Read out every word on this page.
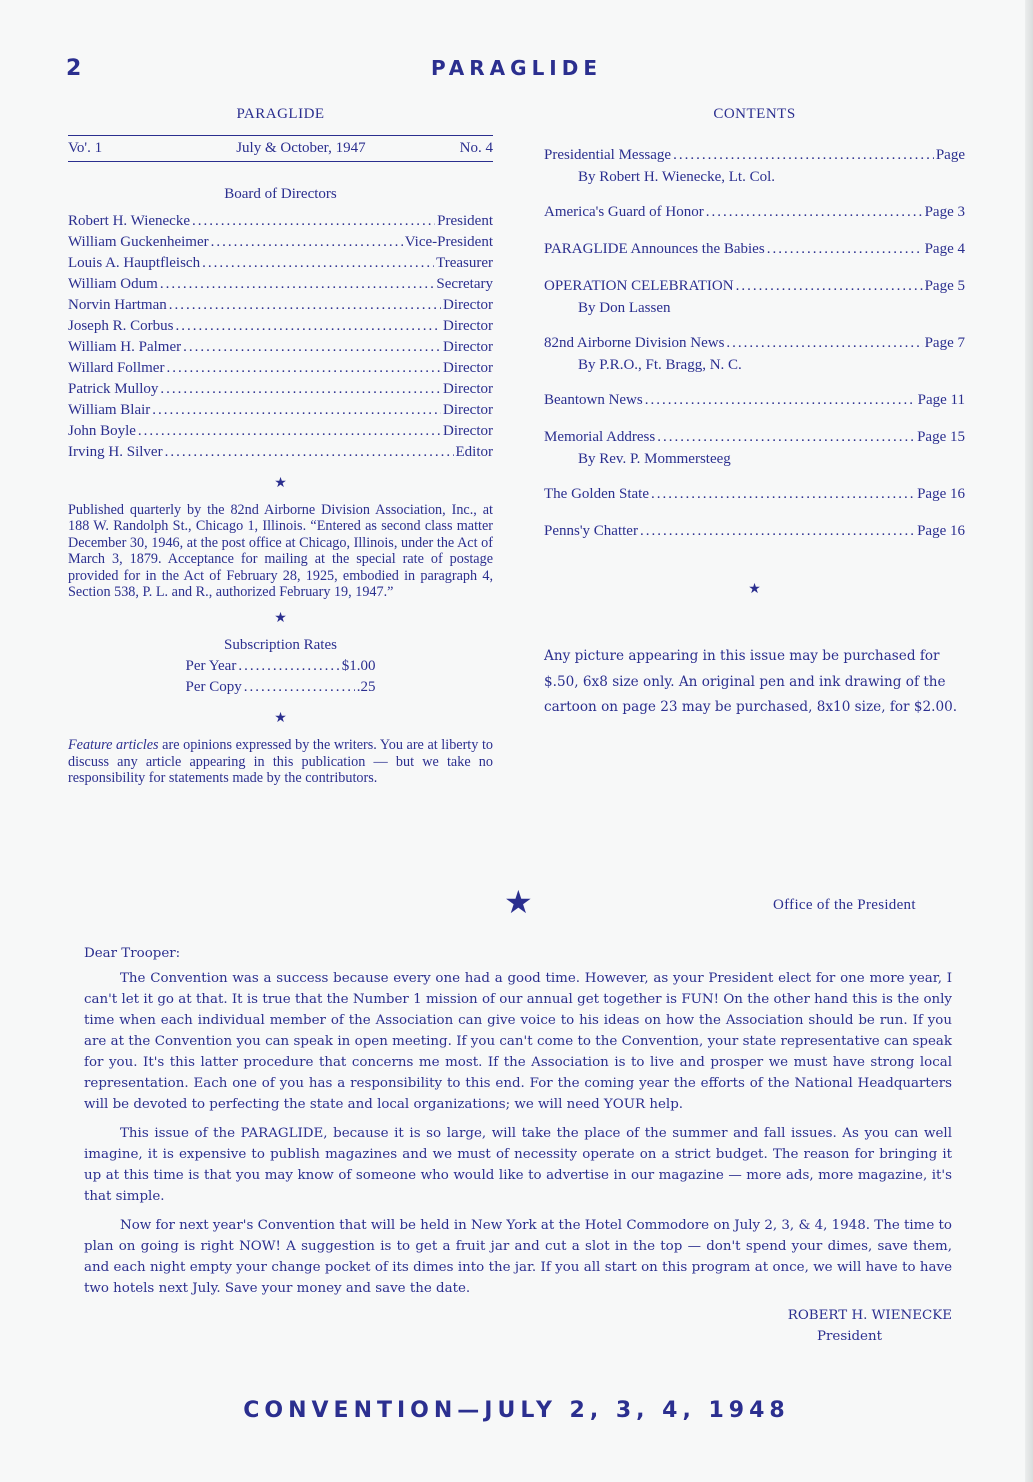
2	PARAGLIDE
PARAGLIDE
Vo'. 1	July & October, 1947	No. 4
Board of Directors
Robert H. Wienecke .....	President
William Guckenheimer .....	Vice-President
Louis A. Hauptfleisch .....	Treasurer
William Odum .....	Secretary
Norvin Hartman .....	Director
Joseph R. Corbus .....	Director
William H. Palmer .....	Director
Willard Follmer .....	Director
Patrick Mulloy .....	Director
William Blair .....	Director
John Boyle .....	Director
Irving H. Silver .....	Editor
★
Published quarterly by the 82nd Airborne Division Association, Inc., at 188 W. Randolph St., Chicago 1, Illinois. “Entered as second class matter December 30, 1946, at the post office at Chicago, Illinois, under the Act of March 3, 1879. Acceptance for mailing at the special rate of postage provided for in the Act of February 28, 1925, embodied in paragraph 4, Section 538, P. L. and R., authorized February 19, 1947.”
★
Subscription Rates
Per Year .....	$1.00
Per Copy .....	.25
★
Feature articles are opinions expressed by the writers. You are at liberty to discuss any article appearing in this publication — but we take no responsibility for statements made by the contributors.
CONTENTS
Presidential Message .....	Page
By Robert H. Wienecke, Lt. Col.
America's Guard of Honor .....	Page 3
PARAGLIDE Announces the Babies .....	Page 4
OPERATION CELEBRATION .....	Page 5
By Don Lassen
82nd Airborne Division News .....	Page 7
By P.R.O., Ft. Bragg, N. C.
Beantown News .....	Page 11
Memorial Address .....	Page 15
By Rev. P. Mommersteeg
The Golden State .....	Page 16
Penns'y Chatter .....	Page 16
★
Any picture appearing in this issue may be purchased for $.50, 6x8 size only. An original pen and ink drawing of the cartoon on page 23 may be purchased, 8x10 size, for $2.00.
★	Office of the President
Dear Trooper:

The Convention was a success because every one had a good time. However, as your President elect for one more year, I can't let it go at that. It is true that the Number 1 mission of our annual get together is FUN! On the other hand this is the only time when each individual member of the Association can give voice to his ideas on how the Association should be run. If you are at the Convention you can speak in open meeting. If you can't come to the Convention, your state representative can speak for you. It's this latter procedure that concerns me most. If the Association is to live and prosper we must have strong local representation. Each one of you has a responsibility to this end. For the coming year the efforts of the National Headquarters will be devoted to perfecting the state and local organizations; we will need YOUR help.

This issue of the PARAGLIDE, because it is so large, will take the place of the summer and fall issues. As you can well imagine, it is expensive to publish magazines and we must of necessity operate on a strict budget. The reason for bringing it up at this time is that you may know of someone who would like to advertise in our magazine — more ads, more magazine, it's that simple.

Now for next year's Convention that will be held in New York at the Hotel Commodore on July 2, 3, & 4, 1948. The time to plan on going is right NOW! A suggestion is to get a fruit jar and cut a slot in the top — don't spend your dimes, save them, and each night empty your change pocket of its dimes into the jar. If you all start on this program at once, we will have to have two hotels next July. Save your money and save the date.

ROBERT H. WIENECKE
President
CONVENTION—JULY 2, 3, 4, 1948
